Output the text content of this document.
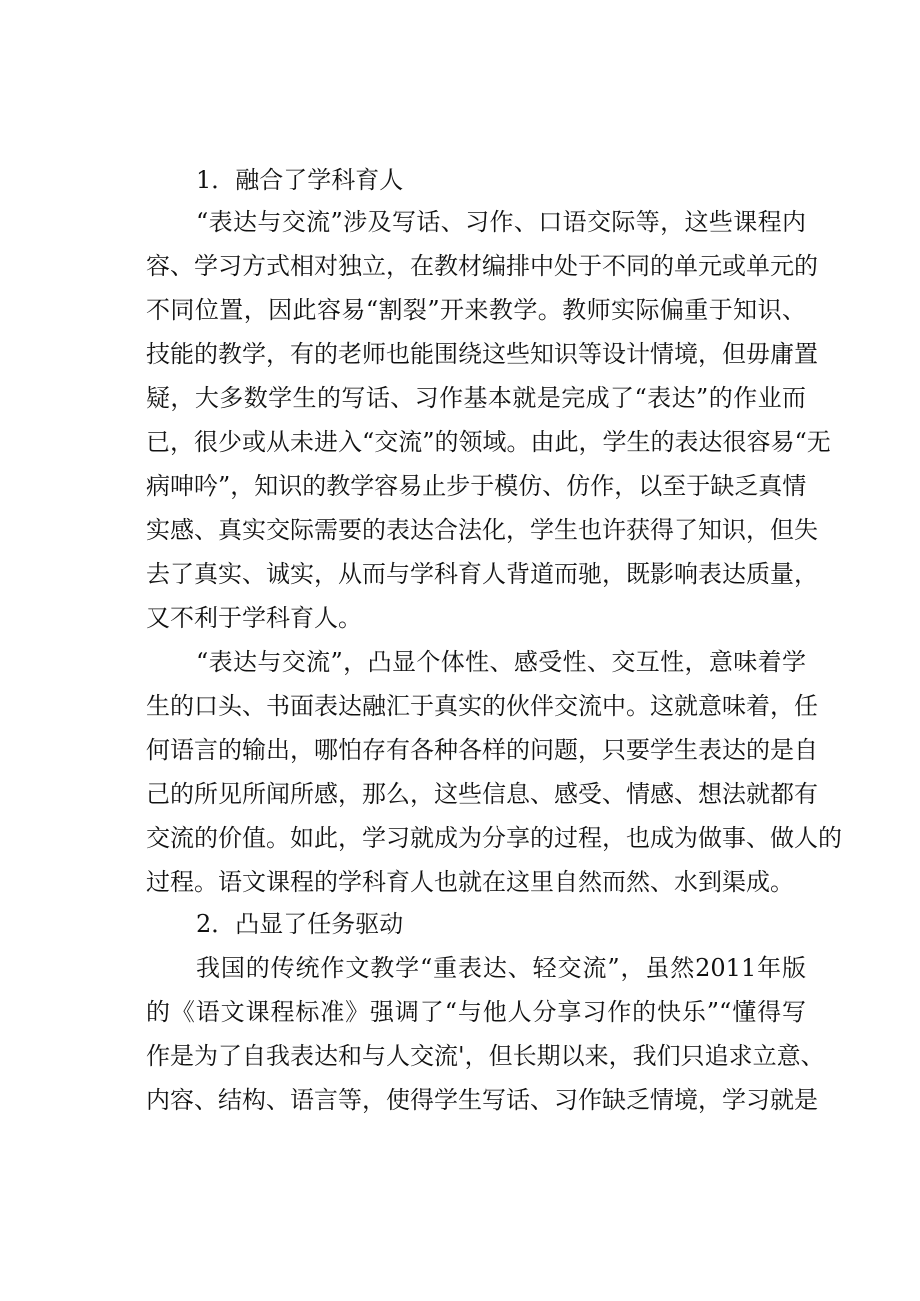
1．融合了学科育人
“表达与交流”涉及写话、习作、口语交际等，这些课程内
容、学习方式相对独立，在教材编排中处于不同的单元或单元的
不同位置，因此容易“割裂”开来教学。教师实际偏重于知识、
技能的教学，有的老师也能围绕这些知识等设计情境，但毋庸置
疑，大多数学生的写话、习作基本就是完成了“表达”的作业而
已，很少或从未进入“交流”的领域。由此，学生的表达很容易“无
病呻吟”，知识的教学容易止步于模仿、仿作，以至于缺乏真情
实感、真实交际需要的表达合法化，学生也许获得了知识，但失
去了真实、诚实，从而与学科育人背道而驰，既影响表达质量，
又不利于学科育人。
“表达与交流”，凸显个体性、感受性、交互性，意味着学
生的口头、书面表达融汇于真实的伙伴交流中。这就意味着，任
何语言的输出，哪怕存有各种各样的问题，只要学生表达的是自
己的所见所闻所感，那么，这些信息、感受、情感、想法就都有
交流的价值。如此，学习就成为分享的过程，也成为做事、做人的
过程。语文课程的学科育人也就在这里自然而然、水到渠成。
2．凸显了任务驱动
我国的传统作文教学“重表达、轻交流”，虽然2011年版
的《语文课程标准》强调了“与他人分享习作的快乐”“懂得写
作是为了自我表达和与人交流'，但长期以来，我们只追求立意、
内容、结构、语言等，使得学生写话、习作缺乏情境，学习就是
